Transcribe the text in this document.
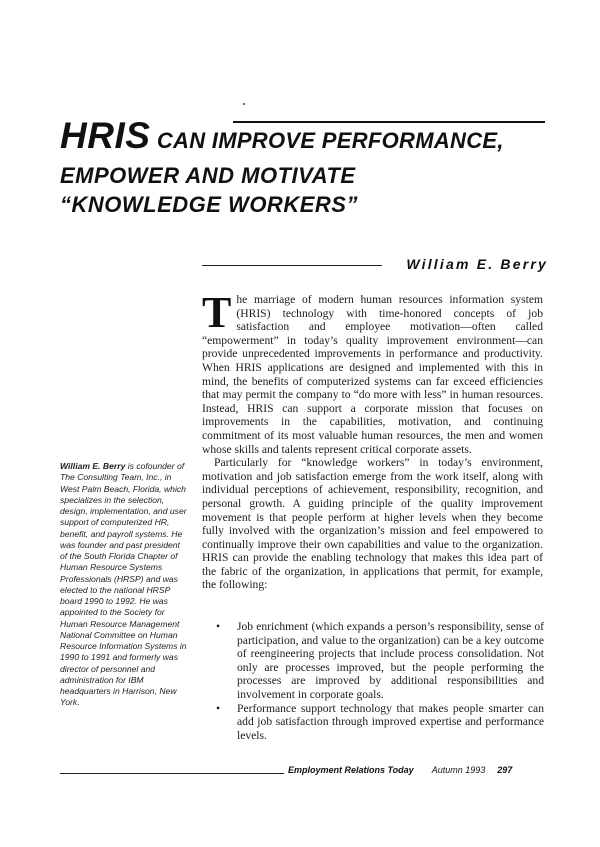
HRIS CAN IMPROVE PERFORMANCE,
EMPOWER AND MOTIVATE
“KNOWLEDGE WORKERS”
William E. Berry

The marriage of modern human resources information system (HRIS) technology with time-honored concepts of job satisfaction and employee motivation—often called “empowerment” in today’s quality improvement environment—can provide unprecedented improvements in performance and productivity. When HRIS applications are designed and implemented with this in mind, the benefits of computerized systems can far exceed efficiencies that may permit the company to “do more with less” in human resources. Instead, HRIS can support a corporate mission that focuses on improvements in the capabilities, motivation, and continuing commitment of its most valuable human resources, the men and women whose skills and talents represent critical corporate assets.

Particularly for “knowledge workers” in today’s environment, motivation and job satisfaction emerge from the work itself, along with individual perceptions of achievement, responsibility, recognition, and personal growth. A guiding principle of the quality improvement movement is that people perform at higher levels when they become fully involved with the organization’s mission and feel empowered to continually improve their own capabilities and value to the organization. HRIS can provide the enabling technology that makes this idea part of the fabric of the organization, in applications that permit, for example, the following:

• Job enrichment (which expands a person’s responsibility, sense of participation, and value to the organization) can be a key outcome of reengineering projects that include process consolidation. Not only are processes improved, but the people performing the processes are improved by additional responsibilities and involvement in corporate goals.
• Performance support technology that makes people smarter can add job satisfaction through improved expertise and performance levels.
William E. Berry is cofounder of The Consulting Team, Inc., in West Palm Beach, Florida, which specializes in the selection, design, implementation, and user support of computerized HR, benefit, and payroll systems. He was founder and past president of the South Florida Chapter of Human Resource Systems Professionals (HRSP) and was elected to the national HRSP board 1990 to 1992. He was appointed to the Society for Human Resource Management National Committee on Human Resource Information Systems in 1990 to 1991 and formerly was director of personnel and administration for IBM headquarters in Harrison, New York.
Employment Relations Today Autumn 1993 297
